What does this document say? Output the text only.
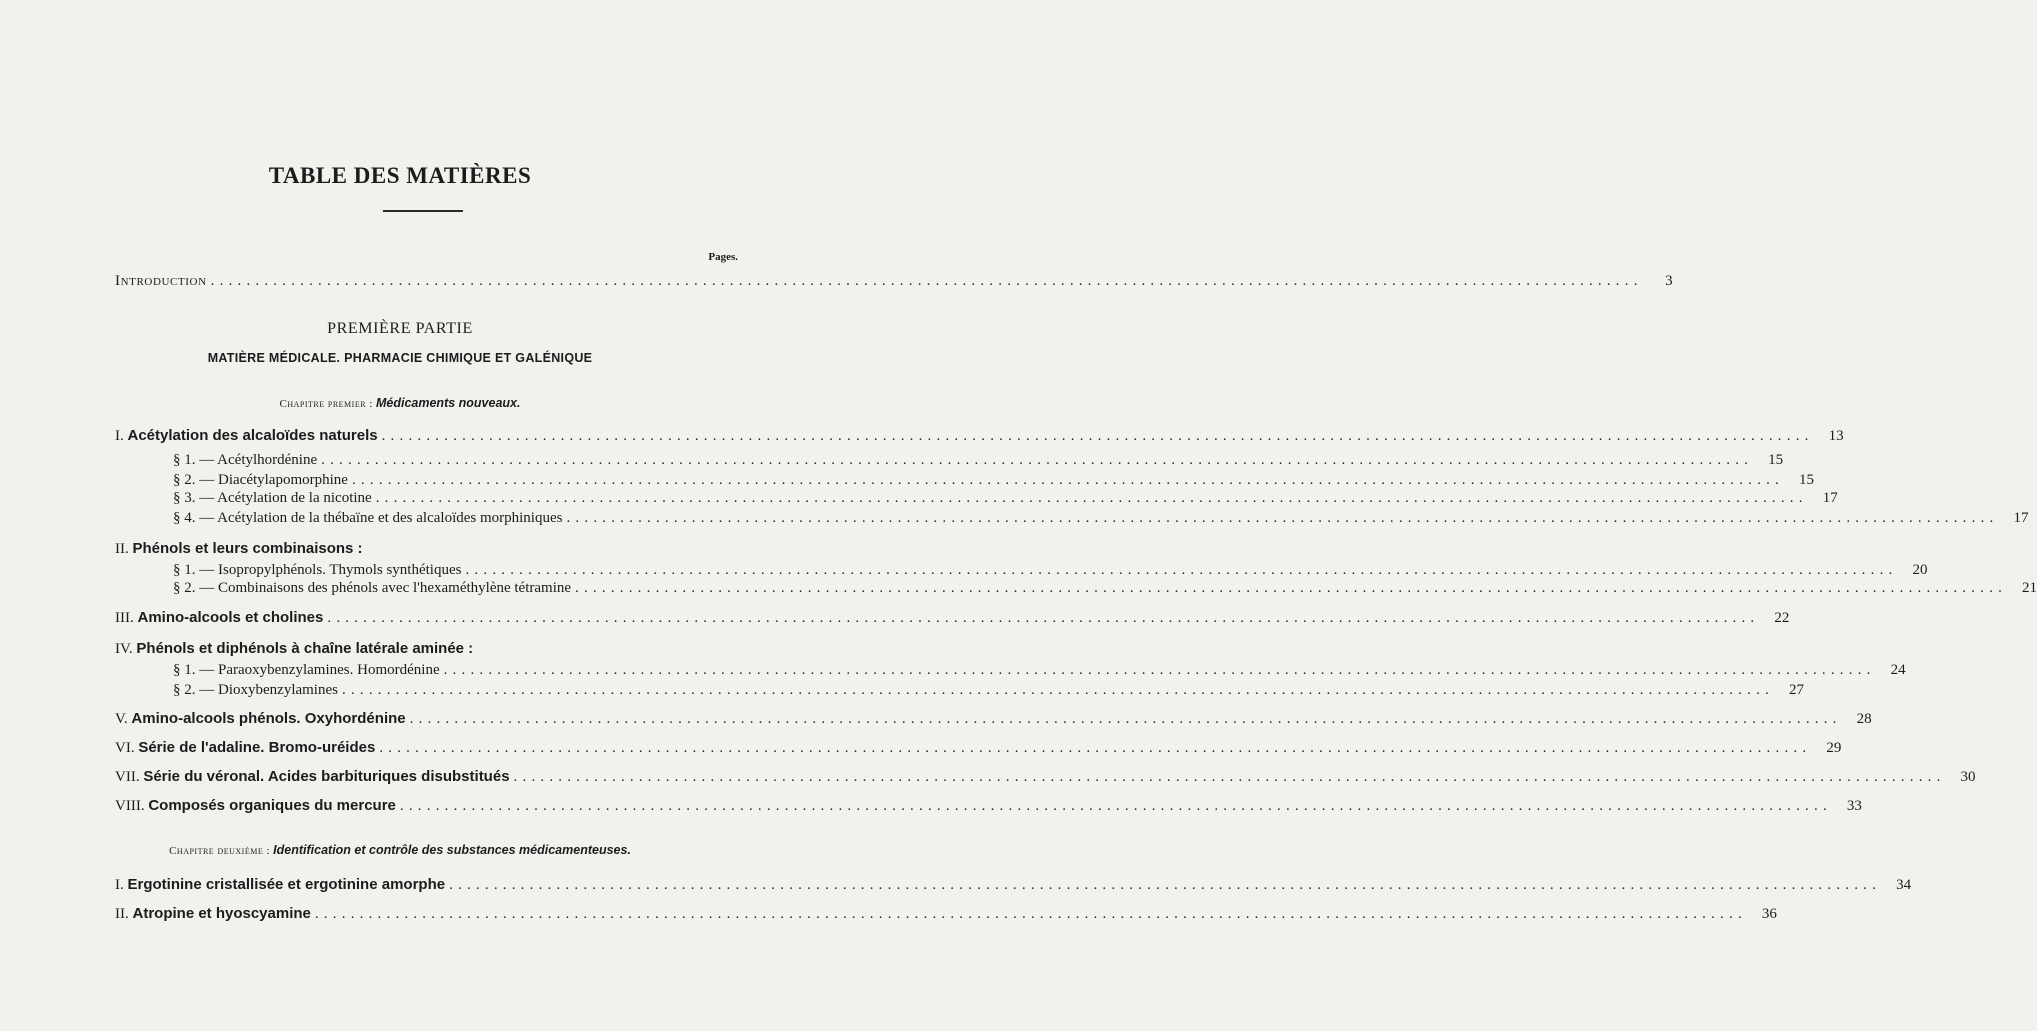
TABLE DES MATIÈRES
Pages.
Introduction ................................................................................................................................................................	3
PREMIÈRE PARTIE
MATIÈRE MÉDICALE. PHARMACIE CHIMIQUE ET GALÉNIQUE
Chapitre premier : Médicaments nouveaux.
I. Acétylation des alcaloïdes naturels ................................................................................................................................................................	13
§ 1. — Acétylhordénine ................................................................................................................................................................	15
§ 2. — Diacétylapomorphine ................................................................................................................................................................	15
§ 3. — Acétylation de la nicotine ................................................................................................................................................................	17
§ 4. — Acétylation de la thébaïne et des alcaloïdes morphiniques ................................................................................................................................................................	17
II. Phénols et leurs combinaisons :
§ 1. — Isopropylphénols. Thymols synthétiques ................................................................................................................................................................	20
§ 2. — Combinaisons des phénols avec l'hexaméthylène tétramine ................................................................................................................................................................	21
III. Amino-alcools et cholines ................................................................................................................................................................	22
IV. Phénols et diphénols à chaîne latérale aminée :
§ 1. — Paraoxybenzylamines. Homordénine ................................................................................................................................................................	24
§ 2. — Dioxybenzylamines ................................................................................................................................................................	27
V. Amino-alcools phénols. Oxyhordénine ................................................................................................................................................................	28
VI. Série de l'adaline. Bromo-uréides ................................................................................................................................................................	29
VII. Série du véronal. Acides barbituriques disubstitués ................................................................................................................................................................	30
VIII. Composés organiques du mercure ................................................................................................................................................................	33
Chapitre deuxième : Identification et contrôle des substances médicamenteuses.
I. Ergotinine cristallisée et ergotinine amorphe ................................................................................................................................................................	34
II. Atropine et hyoscyamine ................................................................................................................................................................	36
